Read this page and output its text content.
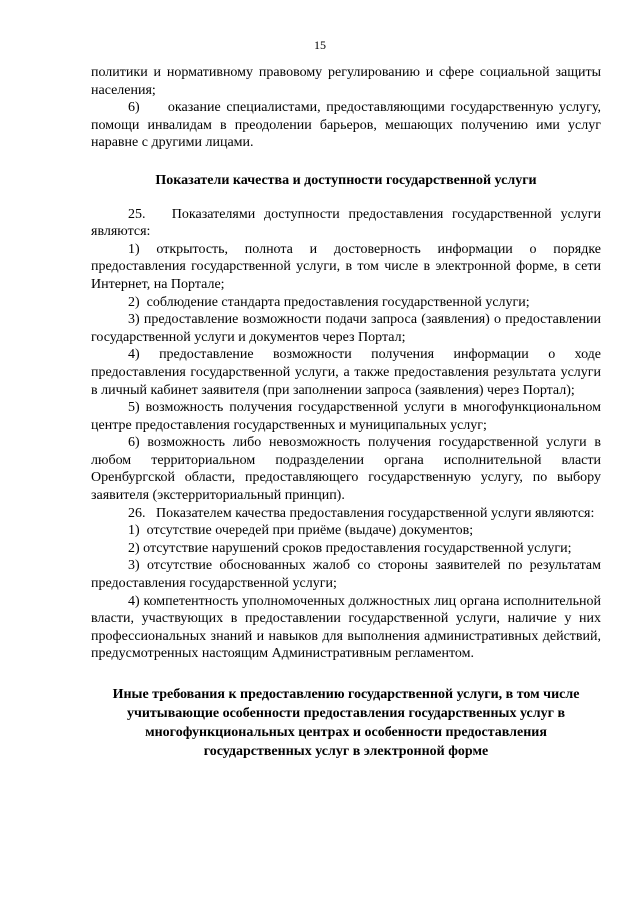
15

политики и нормативному правовому регулированию и сфере социальной защиты населения;

6)     оказание специалистами, предоставляющими государственную услугу, помощи инвалидам в преодолении барьеров, мешающих получению ими услуг наравне с другими лицами.

Показатели качества и доступности государственной услуги

25.   Показателями доступности предоставления государственной услуги являются:

1) открытость, полнота и достоверность информации о порядке предоставления государственной услуги, в том числе в электронной форме, в сети Интернет, на Портале;

2)  соблюдение стандарта предоставления государственной услуги;

3) предоставление возможности подачи запроса (заявления) о предоставлении государственной услуги и документов через Портал;

4) предоставление возможности получения информации о ходе предоставления государственной услуги, а также предоставления результата услуги в личный кабинет заявителя (при заполнении запроса (заявления) через Портал);

5) возможность получения государственной услуги в многофункциональном центре предоставления государственных и муниципальных услуг;

6) возможность либо невозможность получения государственной услуги в любом территориальном подразделении органа исполнительной власти Оренбургской области, предоставляющего государственную услугу, по выбору заявителя (экстерриториальный принцип).

26.   Показателем качества предоставления государственной услуги являются:

1)  отсутствие очередей при приёме (выдаче) документов;

2) отсутствие нарушений сроков предоставления государственной услуги;

3) отсутствие обоснованных жалоб со стороны заявителей по результатам предоставления государственной услуги;

4) компетентность уполномоченных должностных лиц органа исполнительной власти, участвующих в предоставлении государственной услуги, наличие у них профессиональных знаний и навыков для выполнения административных действий, предусмотренных настоящим Административным регламентом.

Иные требования к предоставлению государственной услуги, в том числе учитывающие особенности предоставления государственных услуг в многофункциональных центрах и особенности предоставления государственных услуг в электронной форме
